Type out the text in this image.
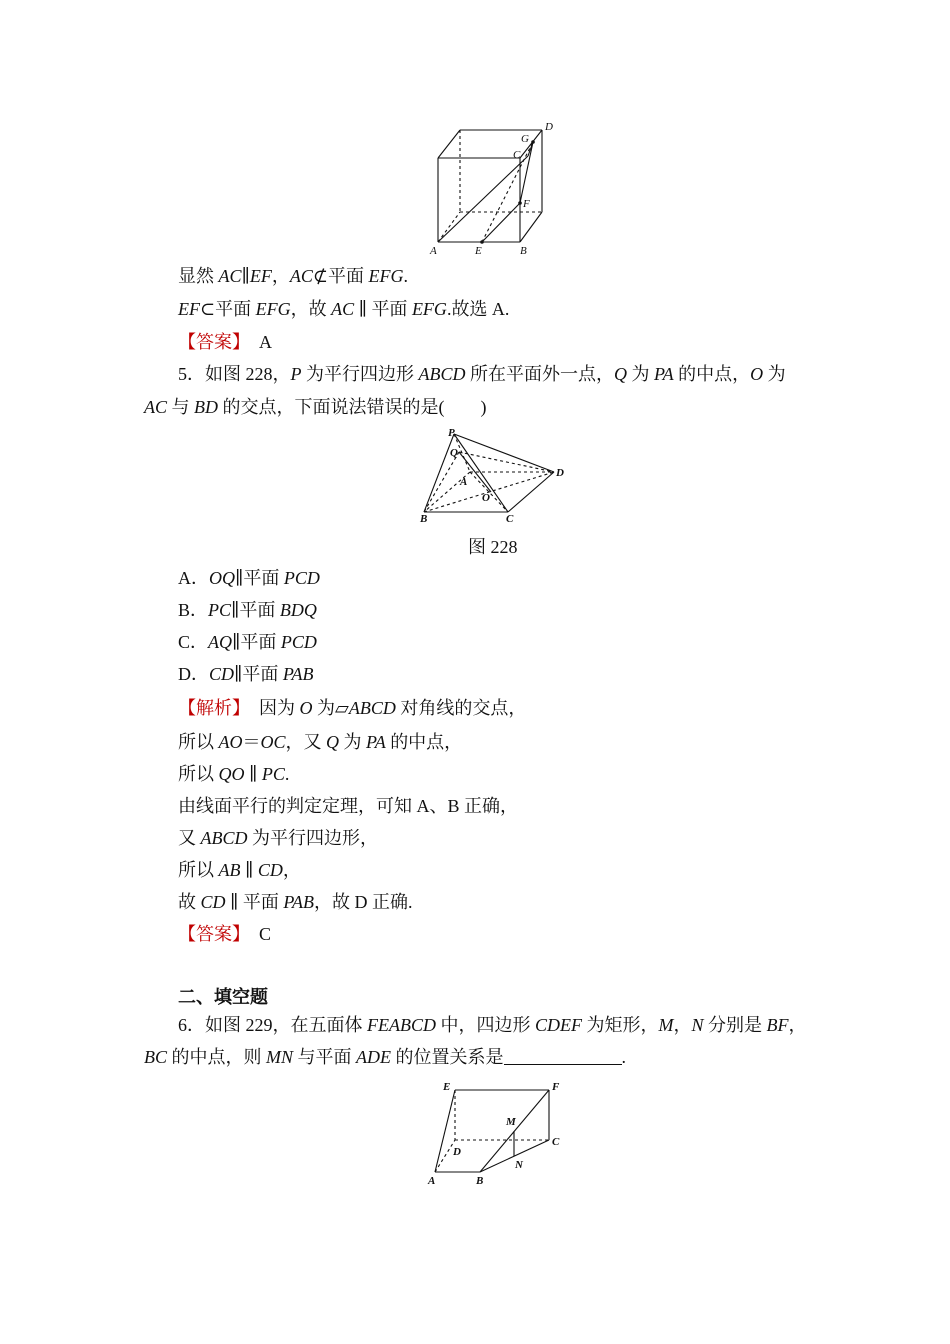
D
G
C
F
A	E	B
显然 AC∥EF，AC⊄平面 EFG.
EF⊂平面 EFG，故 AC ∥ 平面 EFG.故选 A.
【答案】 A
5．如图 228，P 为平行四边形 ABCD 所在平面外一点，Q 为 PA 的中点，O 为
AC 与 BD 的交点，下面说法错误的是(　　)
P
Q
A
O
D
B	C
图 228
A．OQ∥平面 PCD
B．PC∥平面 BDQ
C．AQ∥平面 PCD
D．CD∥平面 PAB
【解析】　因为 O 为▱ABCD 对角线的交点，
所以 AO＝OC，又 Q 为 PA 的中点，
所以 QO ∥ PC.
由线面平行的判定定理，可知 A、B 正确，
又 ABCD 为平行四边形，
所以 AB ∥ CD，
故 CD ∥ 平面 PAB，故 D 正确.
【答案】 C
二、填空题
6．如图 229，在五面体 FEABCD 中，四边形 CDEF 为矩形，M，N 分别是 BF，
BC 的中点，则 MN 与平面 ADE 的位置关系是	.
E	F
M
D
C
N
A	B
